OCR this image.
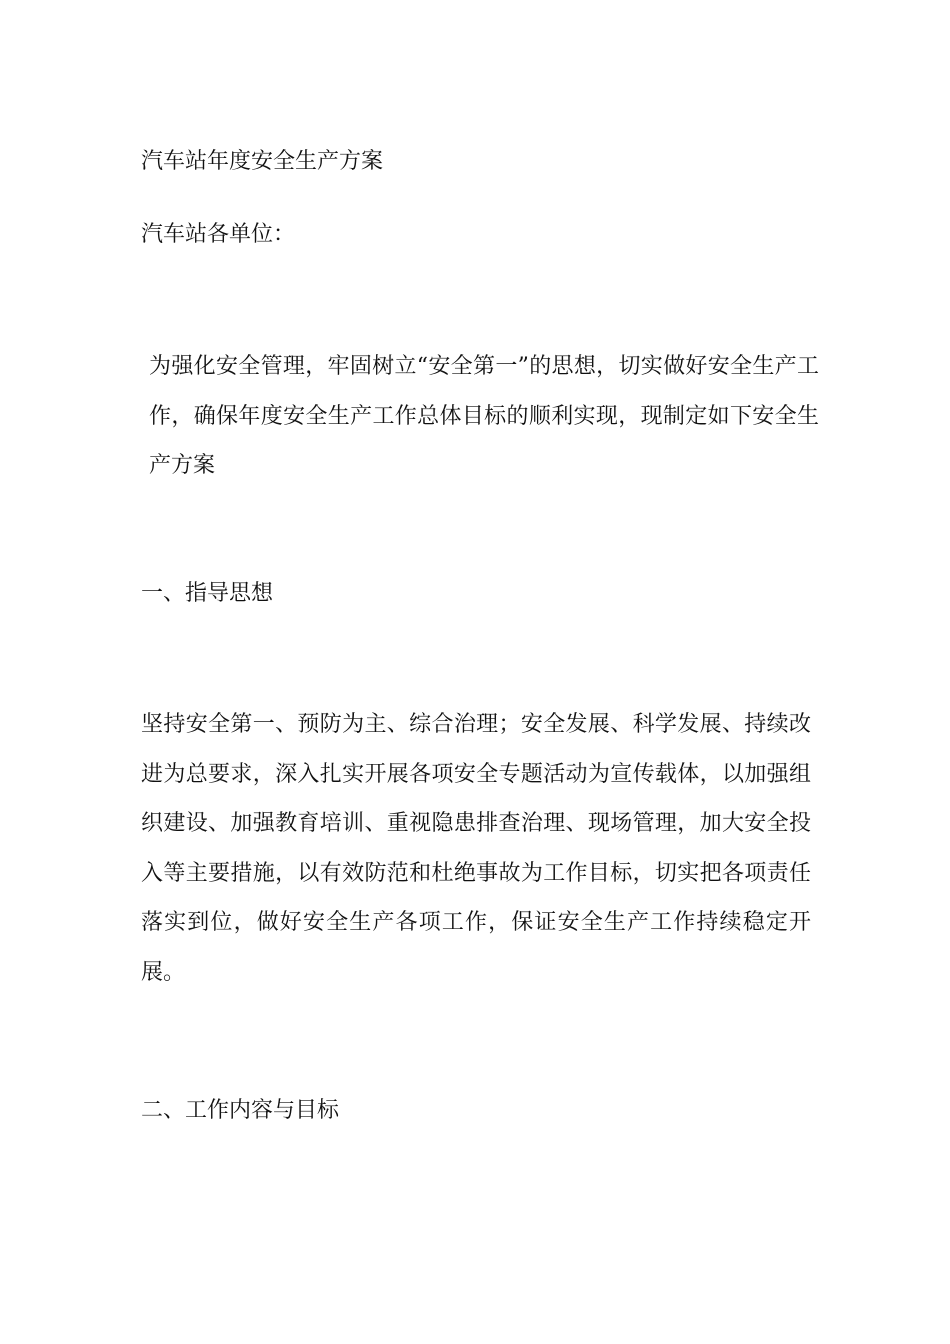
汽车站年度安全生产方案

汽车站各单位：

为强化安全管理，牢固树立“安全第一”的思想，切实做好安全生产工作，确保年度安全生产工作总体目标的顺利实现，现制定如下安全生产方案

一、指导思想

坚持安全第一、预防为主、综合治理；安全发展、科学发展、持续改进为总要求，深入扎实开展各项安全专题活动为宣传载体，以加强组织建设、加强教育培训、重视隐患排查治理、现场管理，加大安全投入等主要措施，以有效防范和杜绝事故为工作目标，切实把各项责任落实到位，做好安全生产各项工作，保证安全生产工作持续稳定开展。

二、工作内容与目标
